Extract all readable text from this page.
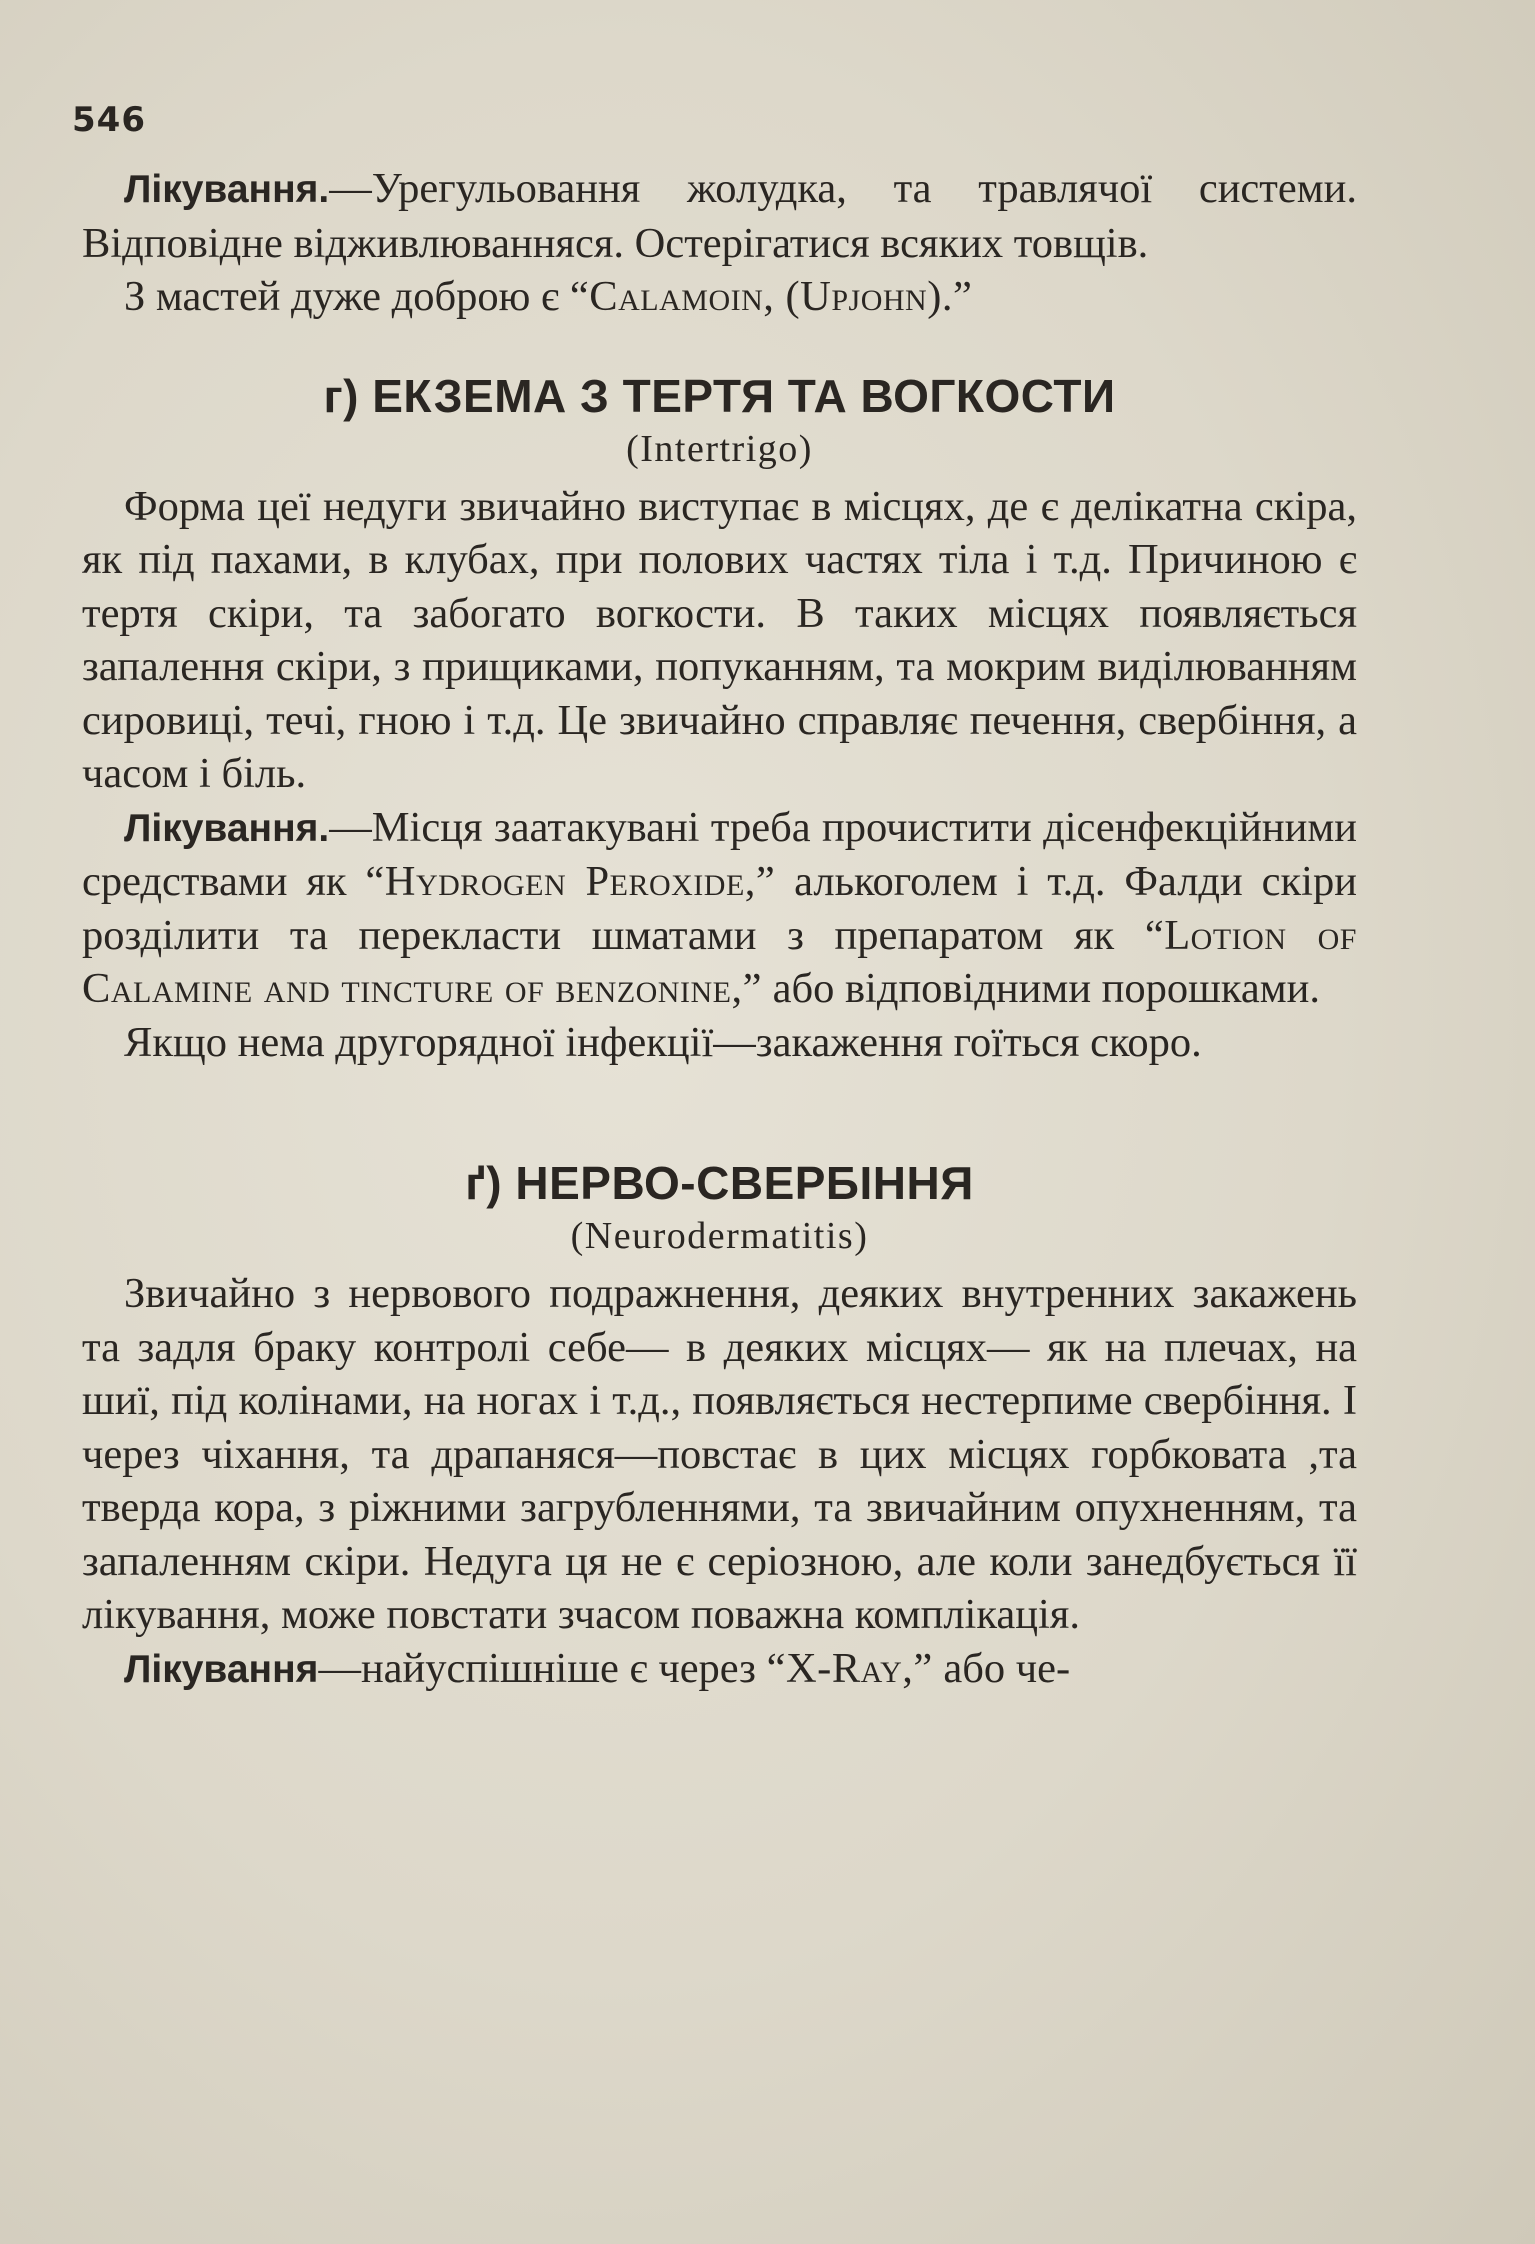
546

Лікування.—Урегульовання жолудка, та травлячої системи. Відповідне відживлюванняся. Остерігатися всяких товщів.

З мастей дуже доброю є “Calamoin, (Upjohn).”

г) ЕКЗЕМА З ТЕРТЯ ТА ВОГКОСТИ

(Intertrigo)

Форма цеї недуги звичайно виступає в місцях, де є делікатна скіра, як під пахами, в клубах, при полових частях тіла і т.д. Причиною є тертя скіри, та забогато вогкости. В таких місцях появляється запалення скіри, з прищиками, попуканням, та мокрим виділюванням сировиці, течі, гною і т.д. Це звичайно справляє печення, свербіння, а часом і біль.

Лікування.—Місця заатакувані треба прочистити дісенфекційними средствами як “Hydrogen Peroxide,” алькоголем і т.д. Фалди скіри розділити та перекласти шматами з препаратом як “Lotion of Calamine and tincture of benzonine,” або відповідними порошками.

Якщо нема другорядної інфекції—закаження гоїться скоро.

ґ) НЕРВО-СВЕРБІННЯ

(Neurodermatitis)

Звичайно з нервового подражнення, деяких внутренних закажень та задля браку контролі себе— в деяких місцях— як на плечах, на шиї, під колінами, на ногах і т.д., появляється нестерпиме свербіння. І через чіхання, та драпаняся—повстає в цих місцях горбковата ,та тверда кора, з ріжними загрубленнями, та звичайним опухненням, та запаленням скіри. Недуга ця не є серіозною, але коли занедбується її лікування, може повстати зчасом поважна комплікація.

Лікування—найуспішніше є через “X-Ray,” або че-
